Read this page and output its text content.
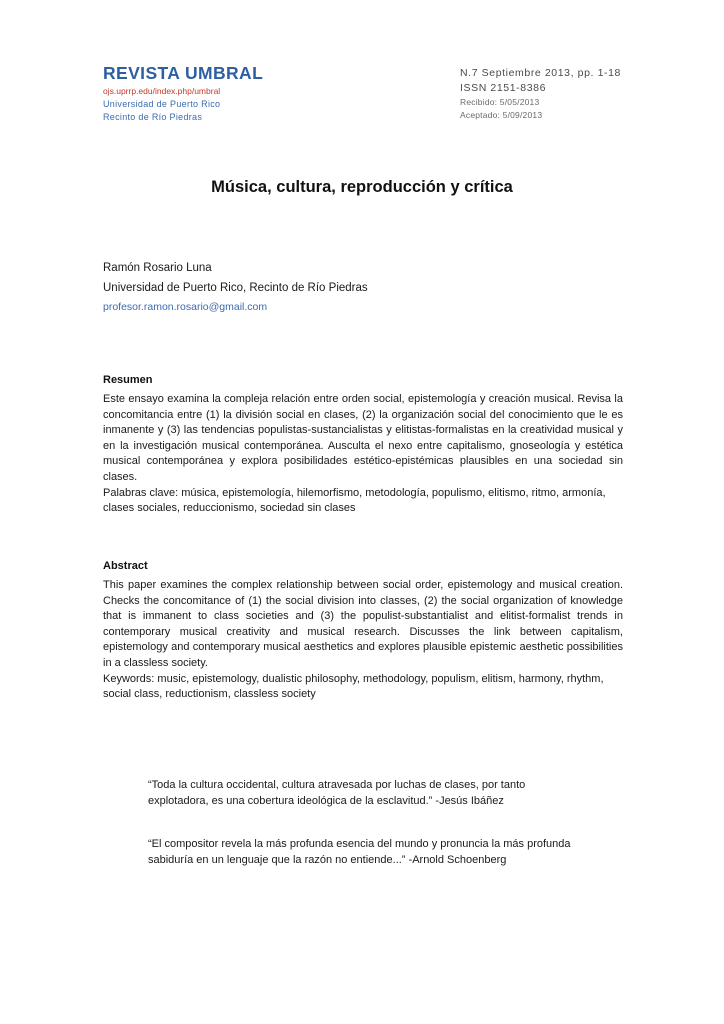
REVISTA UMBRAL

ojs.uprrp.edu/index.php/umbral

Universidad de Puerto Rico

Recinto de Río Piedras

N.7 Septiembre 2013, pp. 1-18

ISSN 2151-8386

Recibido: 5/05/2013

Aceptado: 5/09/2013

Música, cultura, reproducción y crítica

Ramón Rosario Luna

Universidad de Puerto Rico, Recinto de Río Piedras

profesor.ramon.rosario@gmail.com

Resumen

Este ensayo examina la compleja relación entre orden social, epistemología y creación musical. Revisa la concomitancia entre (1) la división social en clases, (2) la organización social del conocimiento que le es inmanente y (3) las tendencias populistas-sustancialistas y elitistas-formalistas en la creatividad musical y en la investigación musical contemporánea. Ausculta el nexo entre capitalismo, gnoseología y estética musical contemporánea y explora posibilidades estético-epistémicas plausibles en una sociedad sin clases.

Palabras clave: música, epistemología, hilemorfismo, metodología, populismo, elitismo, ritmo, armonía, clases sociales, reduccionismo, sociedad sin clases

Abstract

This paper examines the complex relationship between social order, epistemology and musical creation. Checks the concomitance of (1) the social division into classes, (2) the social organization of knowledge that is immanent to class societies and (3) the populist-substantialist and elitist-formalist trends in contemporary musical creativity and musical research. Discusses the link between capitalism, epistemology and contemporary musical aesthetics and explores plausible epistemic aesthetic possibilities in a classless society.

Keywords: music, epistemology, dualistic philosophy, methodology, populism, elitism, harmony, rhythm, social class, reductionism, classless society

“Toda la cultura occidental, cultura atravesada por luchas de clases, por tanto explotadora, es una cobertura ideológica de la esclavitud.” -Jesús Ibáñez

“El compositor revela la más profunda esencia del mundo y pronuncia la más profunda sabiduría en un lenguaje que la razón no entiende...” -Arnold Schoenberg
